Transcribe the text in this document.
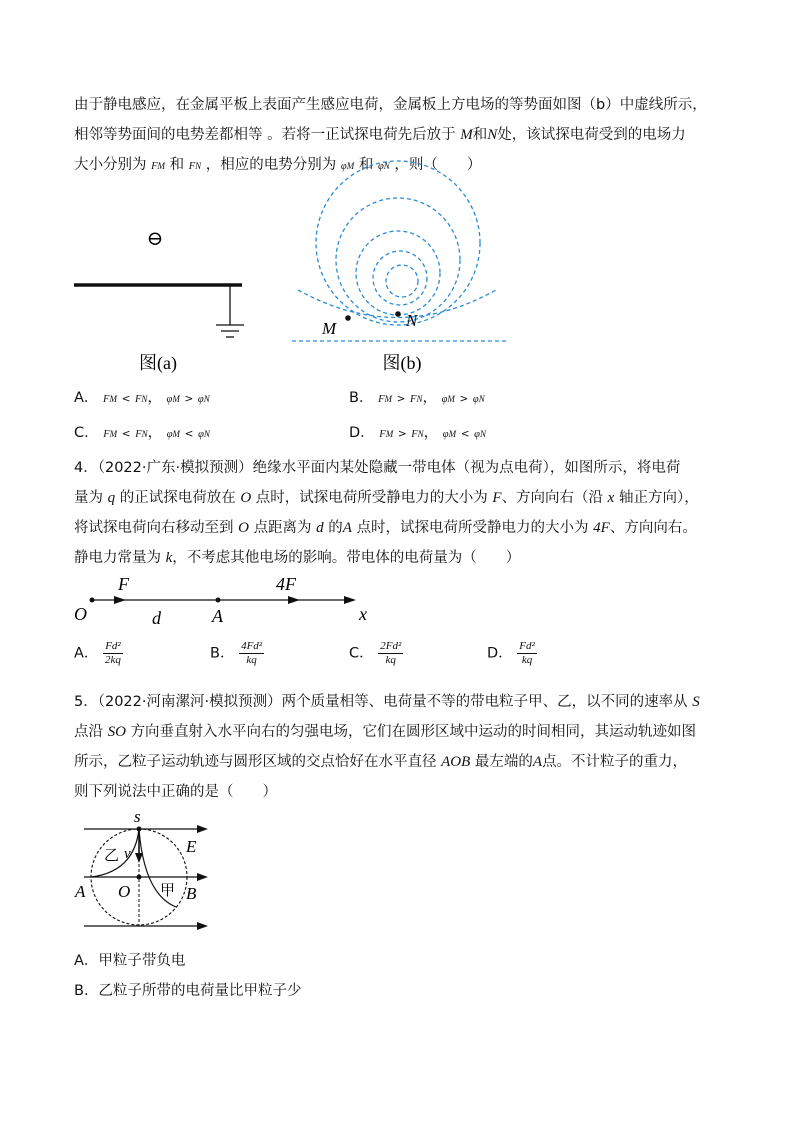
由于静电感应，在金属平板上表面产生感应电荷，金属板上方电场的等势面如图（b）中虚线所示，
相邻等势面间的电势差都相等 。若将一正试探电荷先后放于 M和N处，该试探电荷受到的电场力
大小分别为 FM 和 FN ，相应的电势分别为 φM 和 φN ，则（　　）
⊖
图(a)
M	N
图(b)
A． FM < FN， φM > φN	B． FM > FN， φM > φN
C． FM < FN， φM < φN	D． FM > FN， φM < φN
4．（2022·广东·模拟预测）绝缘水平面内某处隐藏一带电体（视为点电荷），如图所示，将电荷
量为 q 的正试探电荷放在 O 点时，试探电荷所受静电力的大小为 F、方向向右（沿 x 轴正方向），
将试探电荷向右移动至到 O 点距离为 d 的A 点时，试探电荷所受静电力的大小为 4F、方向向右。
静电力常量为 k，不考虑其他电场的影响。带电体的电荷量为（　　）
F	4F
O	d	A	x
A． $\frac{\text{Fd²}}{2kq}$	B． $\frac{\text{4Fd²}}{kq}$	C． $\frac{\text{2Fd²}}{kq}$	D． $\frac{\text{Fd²}}{kq}$
5．（2022·河南漯河·模拟预测）两个质量相等、电荷量不等的带电粒子甲、乙，以不同的速率从 S
点沿 SO 方向垂直射入水平向右的匀强电场，它们在圆形区域中运动的时间相同，其运动轨迹如图
所示，乙粒子运动轨迹与圆形区域的交点恰好在水平直径 AOB 最左端的A点。不计粒子的重力，
则下列说法中正确的是（　　）
s
E
乙 v
A O 甲 B
A．甲粒子带负电
B．乙粒子所带的电荷量比甲粒子少
